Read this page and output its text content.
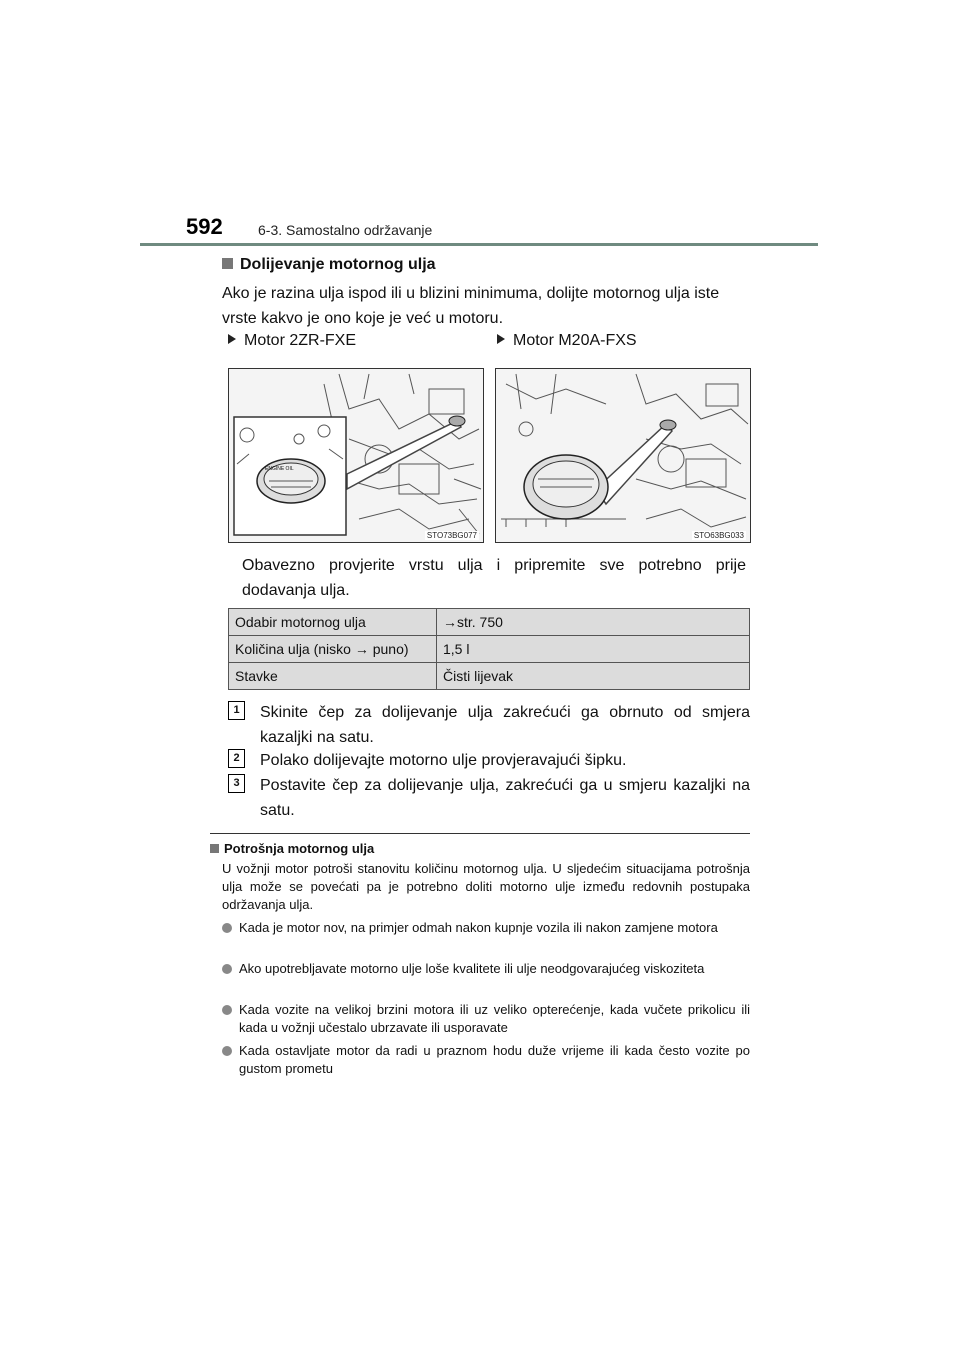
592	6-3. Samostalno održavanje
Dolijevanje motornog ulja
Ako je razina ulja ispod ili u blizini minimuma, dolijte motornog ulja iste vrste kakvo je ono koje je već u motoru.
Motor 2ZR-FXE	Motor M20A-FXS
ENGINE OIL
STO73BG077	STO63BG033
Obavezno provjerite vrstu ulja i pripremite sve potrebno prije dodavanja ulja.
Odabir motornog ulja	→str. 750
Količina ulja (nisko → puno)	1,5 l
Stavke	Čisti lijevak
1	Skinite čep za dolijevanje ulja zakrećući ga obrnuto od smjera kazaljki na satu.
2	Polako dolijevajte motorno ulje provjeravajući šipku.
3	Postavite čep za dolijevanje ulja, zakrećući ga u smjeru kazaljki na satu.
Potrošnja motornog ulja
U vožnji motor potroši stanovitu količinu motornog ulja. U sljedećim situacijama potrošnja ulja može se povećati pa je potrebno doliti motorno ulje između redovnih postupaka održavanja ulja.
Kada je motor nov, na primjer odmah nakon kupnje vozila ili nakon zamjene motora
Ako upotrebljavate motorno ulje loše kvalitete ili ulje neodgovarajućeg viskoziteta
Kada vozite na velikoj brzini motora ili uz veliko opterećenje, kada vučete prikolicu ili kada u vožnji učestalo ubrzavate ili usporavate
Kada ostavljate motor da radi u praznom hodu duže vrijeme ili kada često vozite po gustom prometu
